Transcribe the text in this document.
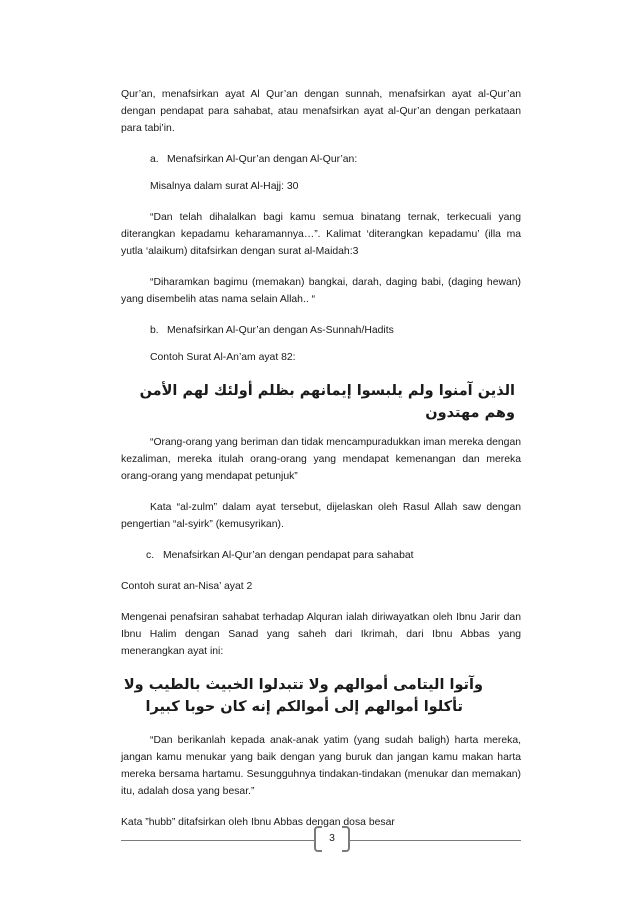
Qur’an, menafsirkan ayat Al Qur’an dengan sunnah, menafsirkan ayat al-Qur’an dengan pendapat para sahabat, atau menafsirkan ayat al-Qur’an dengan perkataan para tabi’in.

a. Menafsirkan Al-Qur’an dengan Al-Qur’an:

Misalnya dalam surat Al-Hajj: 30

“Dan telah dihalalkan bagi kamu semua binatang ternak, terkecuali yang diterangkan kepadamu keharamannya…”. Kalimat ‘diterangkan kepadamu’ (illa ma yutla ‘alaikum) ditafsirkan dengan surat al-Maidah:3

“Diharamkan bagimu (memakan) bangkai, darah, daging babi, (daging hewan) yang disembelih atas nama selain Allah.. “

b. Menafsirkan Al-Qur’an dengan As-Sunnah/Hadits

Contoh Surat Al-An’am ayat 82:

الذين آمنوا ولم يلبسوا إيمانهم بظلم أولئك لهم الأمن وهم مهتدون

“Orang-orang yang beriman dan tidak mencampuradukkan iman mereka dengan kezaliman, mereka itulah orang-orang yang mendapat kemenangan dan mereka orang-orang yang mendapat petunjuk”

Kata “al-zulm” dalam ayat tersebut, dijelaskan oleh Rasul Allah saw dengan pengertian “al-syirk” (kemusyrikan).

c. Menafsirkan Al-Qur’an dengan pendapat para sahabat

Contoh surat an-Nisa’ ayat 2

Mengenai penafsiran sahabat terhadap Alquran ialah diriwayatkan oleh Ibnu Jarir dan Ibnu Halim dengan Sanad yang saheh dari Ikrimah, dari Ibnu Abbas yang menerangkan ayat ini:

وآتوا اليتامى أموالهم ولا تتبدلوا الخبيث بالطيب ولا

تأكلوا أموالهم إلى أموالكم إنه كان حوبا كبيرا

“Dan berikanlah kepada anak-anak yatim (yang sudah baligh) harta mereka, jangan kamu menukar yang baik dengan yang buruk dan jangan kamu makan harta mereka bersama hartamu. Sesungguhnya tindakan-tindakan (menukar dan memakan) itu, adalah dosa yang besar.”

Kata ”hubb” ditafsirkan oleh Ibnu Abbas dengan dosa besar

3
